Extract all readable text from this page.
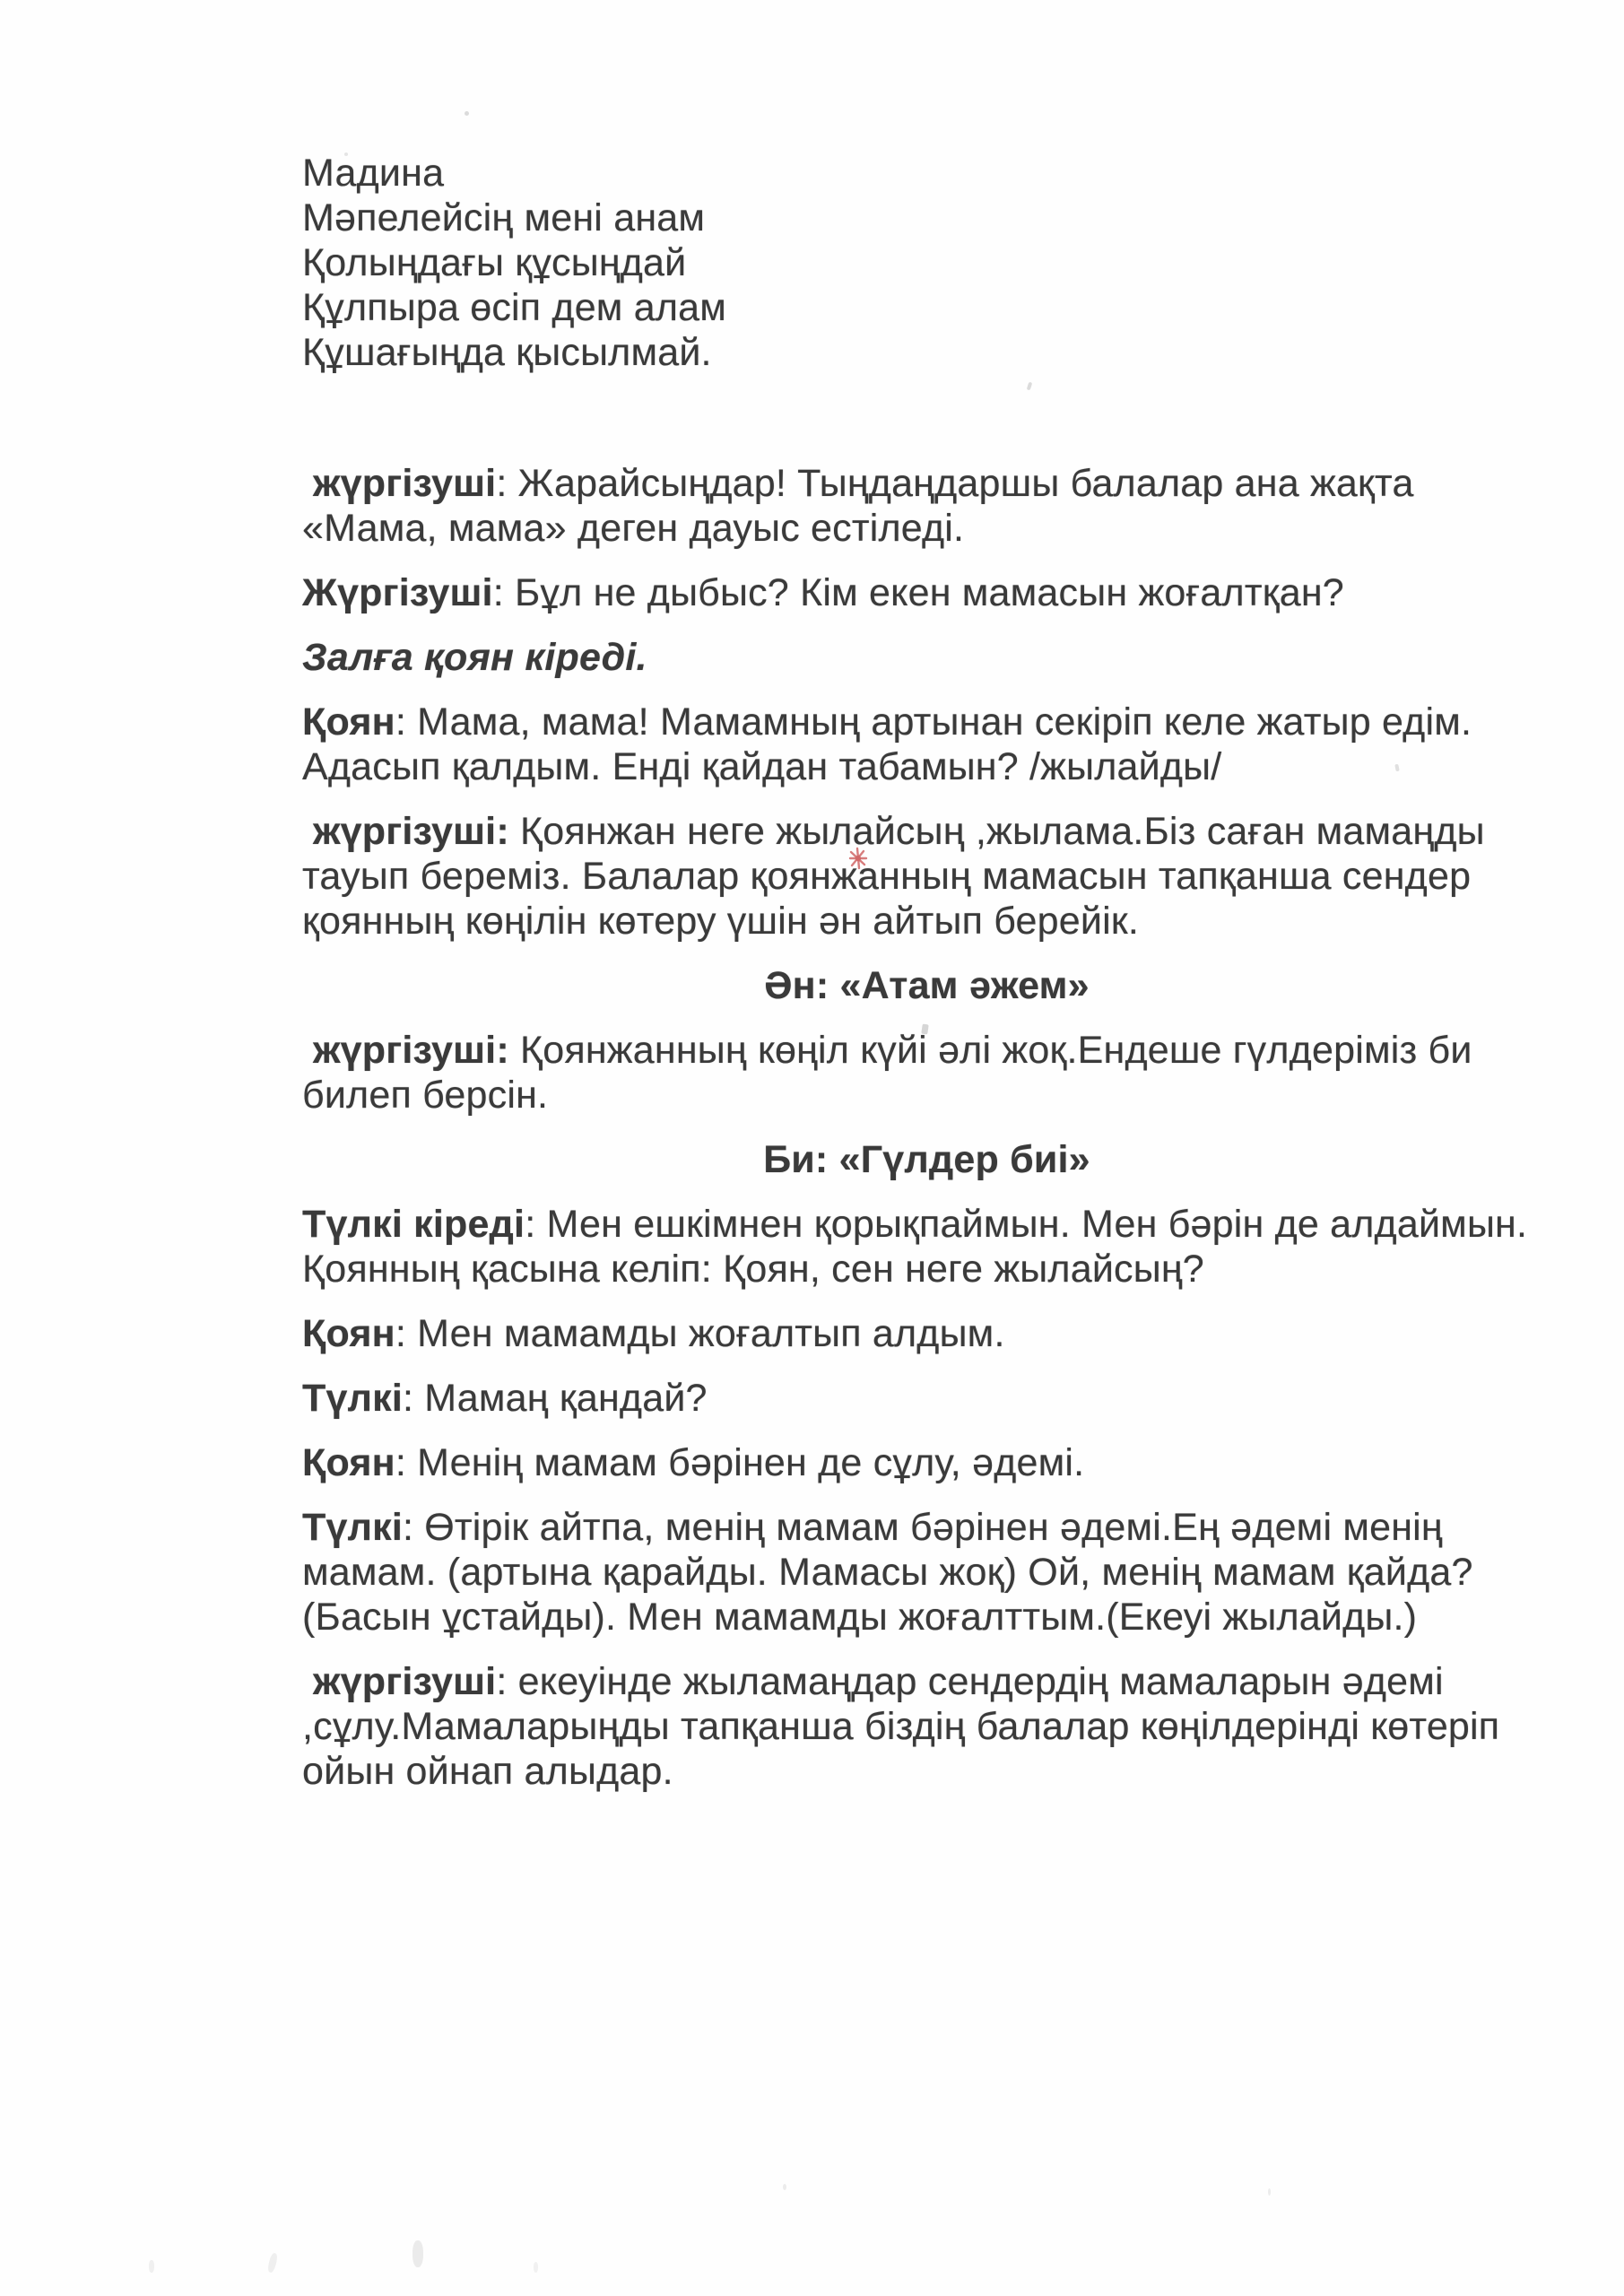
Мадина

Мәпелейсің мені анам

Қолыңдағы құсыңдай

Құлпыра өсіп дем алам

Құшағыңда қысылмай.

жүргізуші: Жарайсыңдар! Тыңдаңдаршы балалар ана жақта «Мама, мама» деген дауыс естіледі.

Жүргізуші: Бұл не дыбыс? Кім екен мамасын жоғалтқан?

Залға қоян кіреді.

Қоян: Мама, мама! Мамамның артынан секіріп келе жатыр едім. Адасып қалдым. Енді қайдан табамын? /жылайды/

жүргізуші: Қоянжан неге жылайсың ,жылама.Біз саған мамаңды тауып береміз. Балалар қоянжанның мамасын тапқанша сендер қоянның көңілін көтеру үшін ән айтып берейік.

Ән: «Атам әжем»

жүргізуші: Қоянжанның көңіл күйі әлі жоқ.Ендеше гүлдеріміз би билеп берсін.

Би: «Гүлдер биі»

Түлкі кіреді: Мен ешкімнен қорықпаймын. Мен бәрін де алдаймын. Қоянның қасына келіп: Қоян, сен неге жылайсың?

Қоян: Мен мамамды жоғалтып алдым.

Түлкі: Мамаң қандай?

Қоян: Менің мамам бәрінен де сұлу, әдемі.

Түлкі: Өтірік айтпа, менің мамам бәрінен әдемі.Ең әдемі менің мамам. (артына қарайды. Мамасы жоқ) Ой, менің мамам қайда? (Басын ұстайды). Мен мамамды жоғалттым.(Екеуі жылайды.)

жүргізуші: екеуінде жыламаңдар сендердің мамаларын әдемі ,сұлу.Мамаларыңды тапқанша біздің балалар көңілдерінді көтеріп ойын ойнап алыдар.
